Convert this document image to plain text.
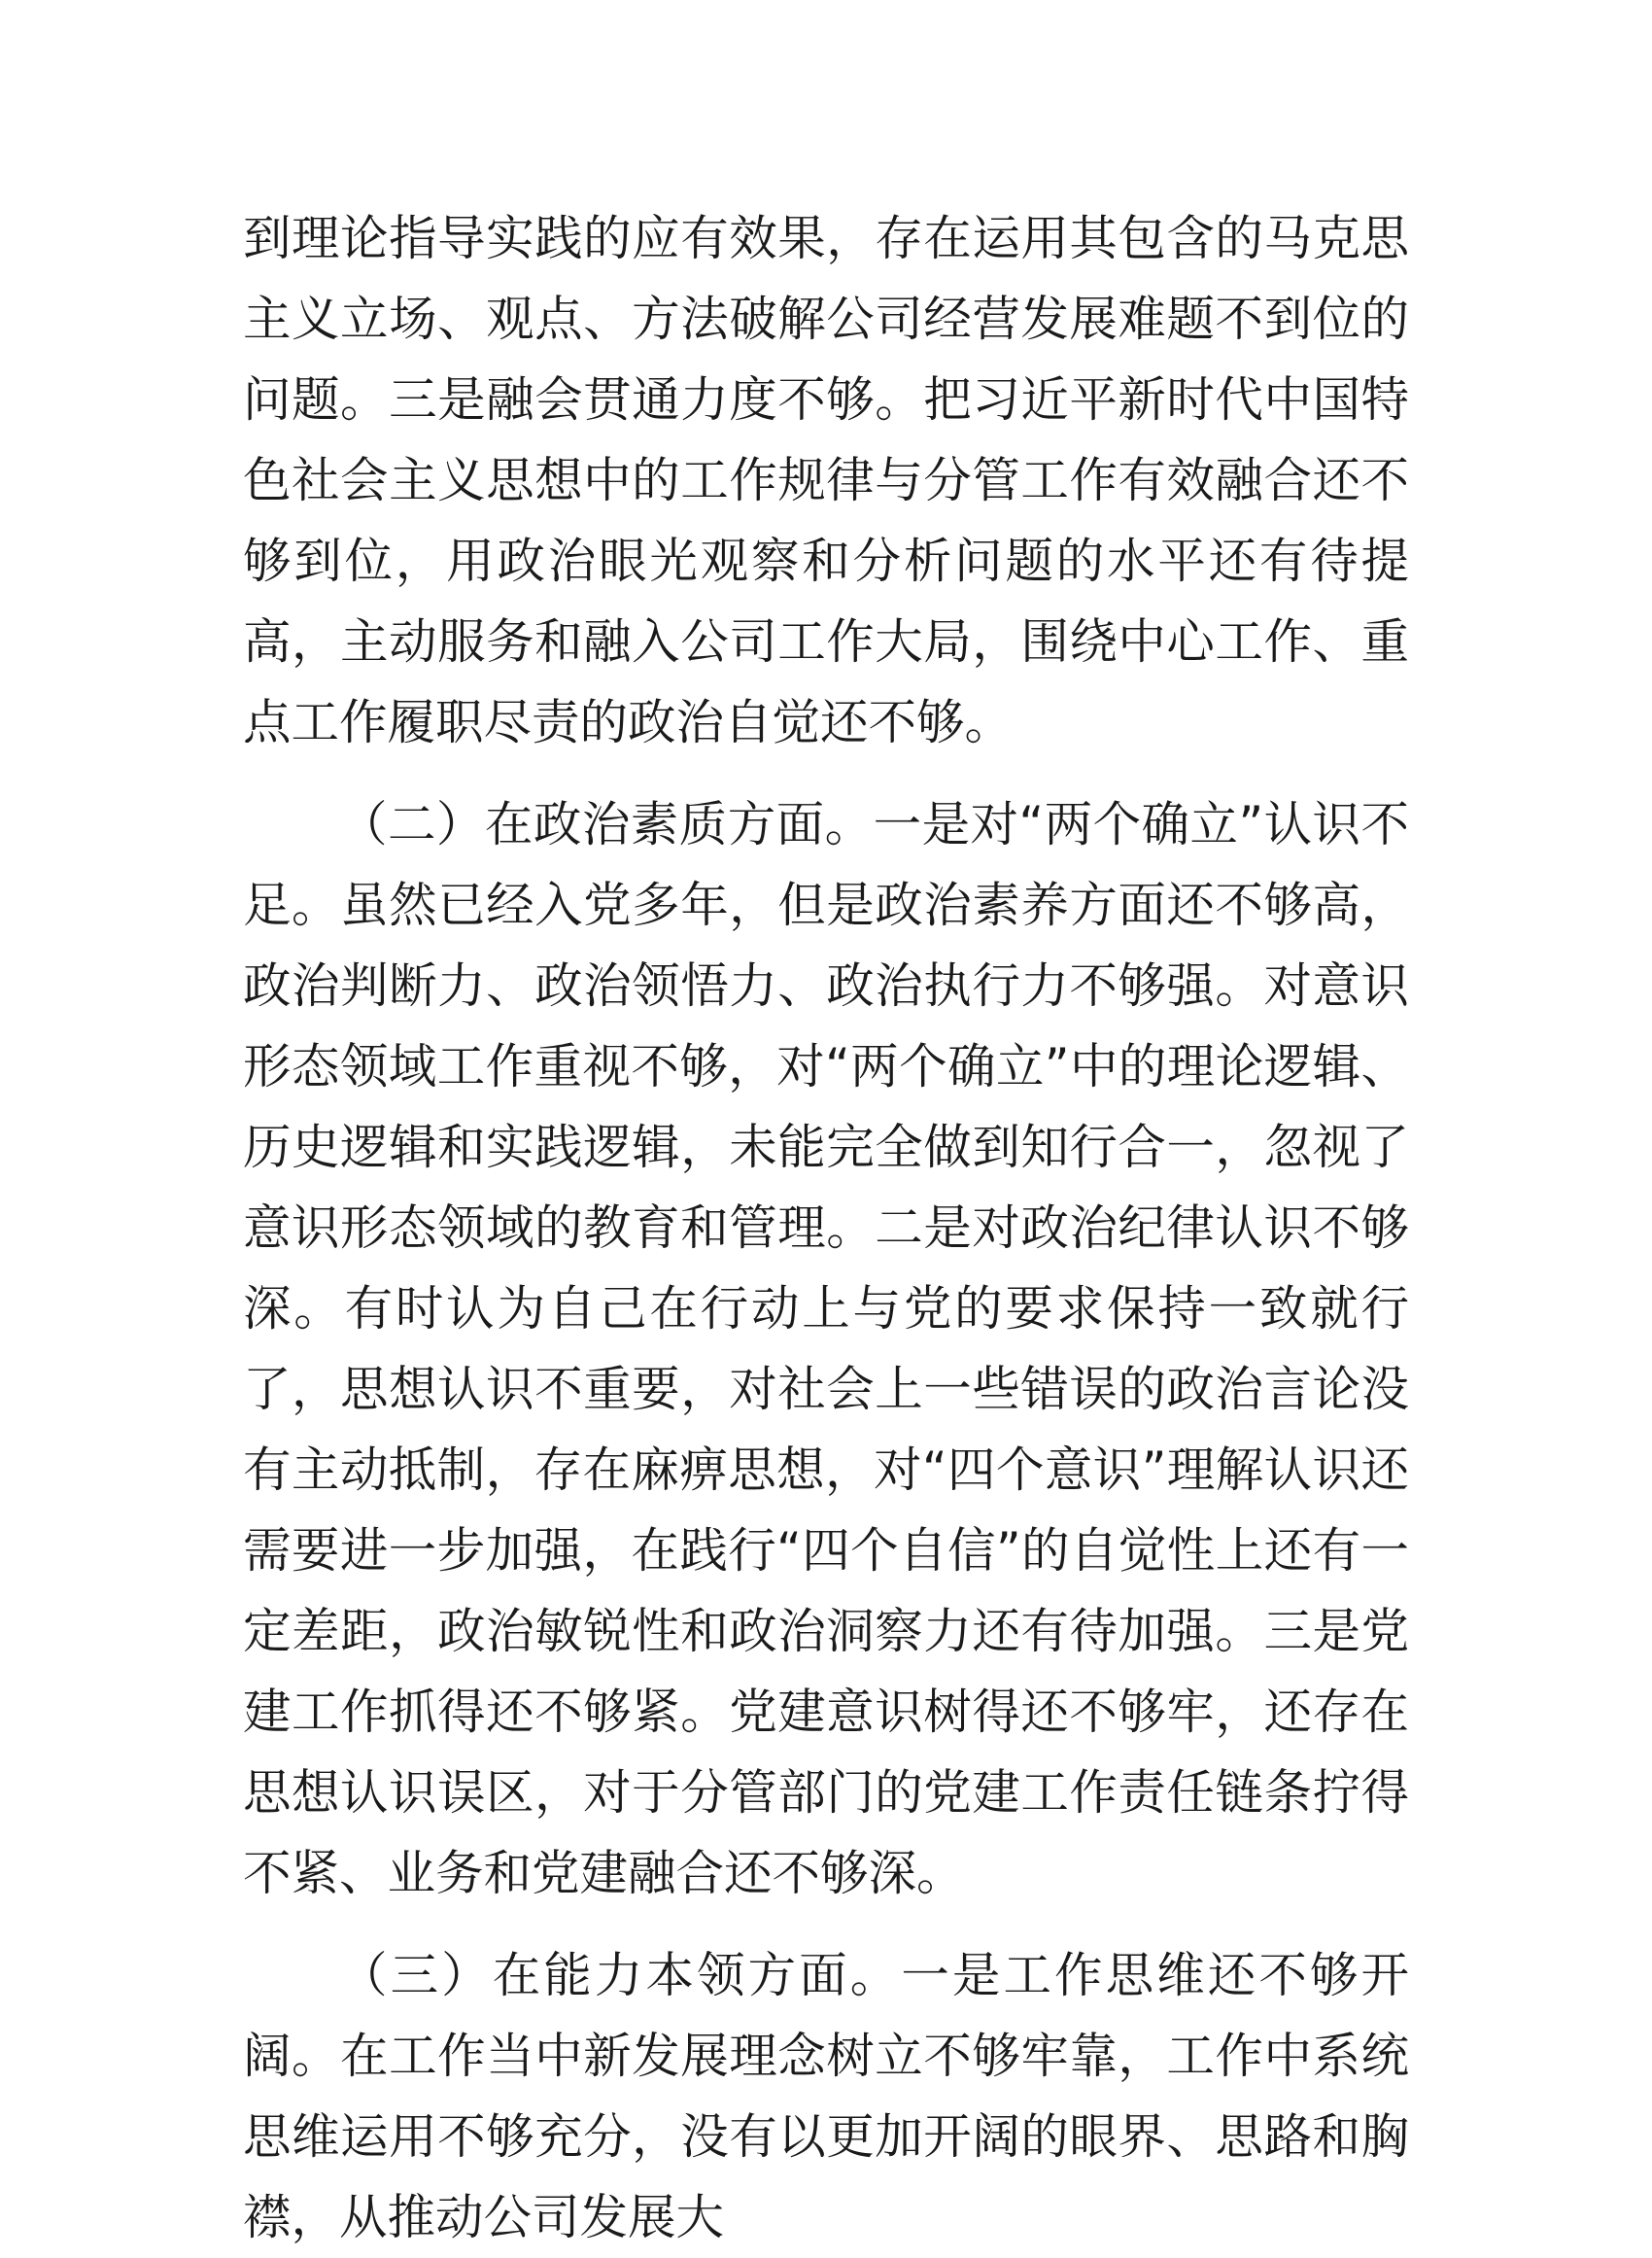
到理论指导实践的应有效果，存在运用其包含的马克思主义立场、观点、方法破解公司经营发展难题不到位的问题。三是融会贯通力度不够。把习近平新时代中国特色社会主义思想中的工作规律与分管工作有效融合还不够到位，用政治眼光观察和分析问题的水平还有待提高，主动服务和融入公司工作大局，围绕中心工作、重点工作履职尽责的政治自觉还不够。

（二）在政治素质方面。一是对“两个确立”认识不足。虽然已经入党多年，但是政治素养方面还不够高，政治判断力、政治领悟力、政治执行力不够强。对意识形态领域工作重视不够，对“两个确立”中的理论逻辑、历史逻辑和实践逻辑，未能完全做到知行合一，忽视了意识形态领域的教育和管理。二是对政治纪律认识不够深。有时认为自己在行动上与党的要求保持一致就行了，思想认识不重要，对社会上一些错误的政治言论没有主动抵制，存在麻痹思想，对“四个意识”理解认识还需要进一步加强，在践行“四个自信”的自觉性上还有一定差距，政治敏锐性和政治洞察力还有待加强。三是党建工作抓得还不够紧。党建意识树得还不够牢，还存在思想认识误区，对于分管部门的党建工作责任链条拧得不紧、业务和党建融合还不够深。

（三）在能力本领方面。一是工作思维还不够开阔。在工作当中新发展理念树立不够牢靠，工作中系统思维运用不够充分，没有以更加开阔的眼界、思路和胸襟，从推动公司发展大
